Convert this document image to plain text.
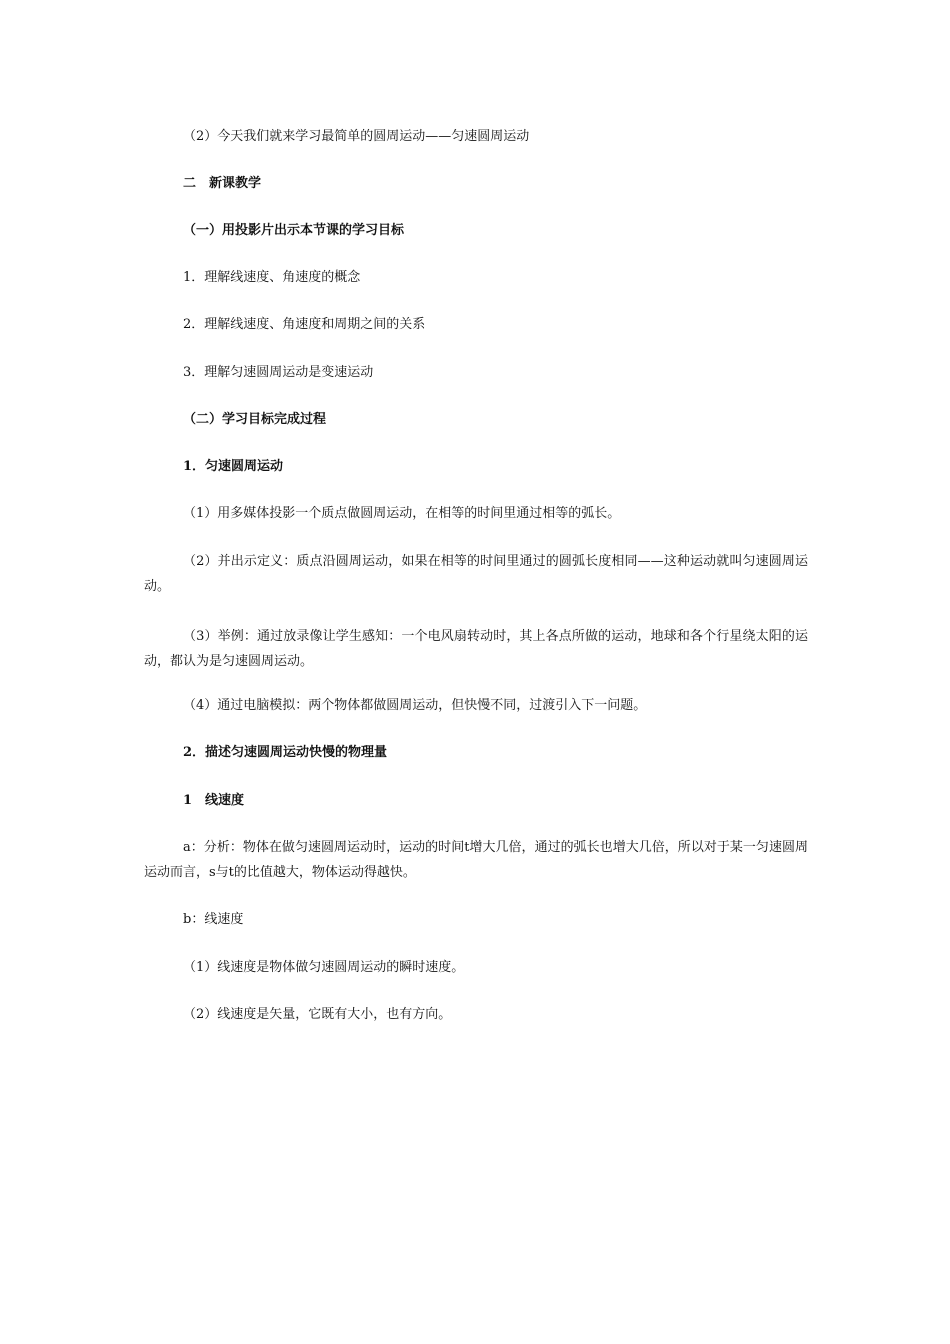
（2）今天我们就来学习最简单的圆周运动——匀速圆周运动

二　新课教学

（一）用投影片出示本节课的学习目标

1．理解线速度、角速度的概念

2．理解线速度、角速度和周期之间的关系

3．理解匀速圆周运动是变速运动

（二）学习目标完成过程

1．匀速圆周运动

（1）用多媒体投影一个质点做圆周运动，在相等的时间里通过相等的弧长。

（2）并出示定义：质点沿圆周运动，如果在相等的时间里通过的圆弧长度相同——这种运动就叫匀速圆周运动。

（3）举例：通过放录像让学生感知：一个电风扇转动时，其上各点所做的运动，地球和各个行星绕太阳的运动，都认为是匀速圆周运动。

（4）通过电脑模拟：两个物体都做圆周运动，但快慢不同，过渡引入下一问题。

2．描述匀速圆周运动快慢的物理量

1　线速度

a：分析：物体在做匀速圆周运动时，运动的时间t增大几倍，通过的弧长也增大几倍，所以对于某一匀速圆周运动而言，s与t的比值越大，物体运动得越快。

b：线速度

（1）线速度是物体做匀速圆周运动的瞬时速度。

（2）线速度是矢量，它既有大小，也有方向。
